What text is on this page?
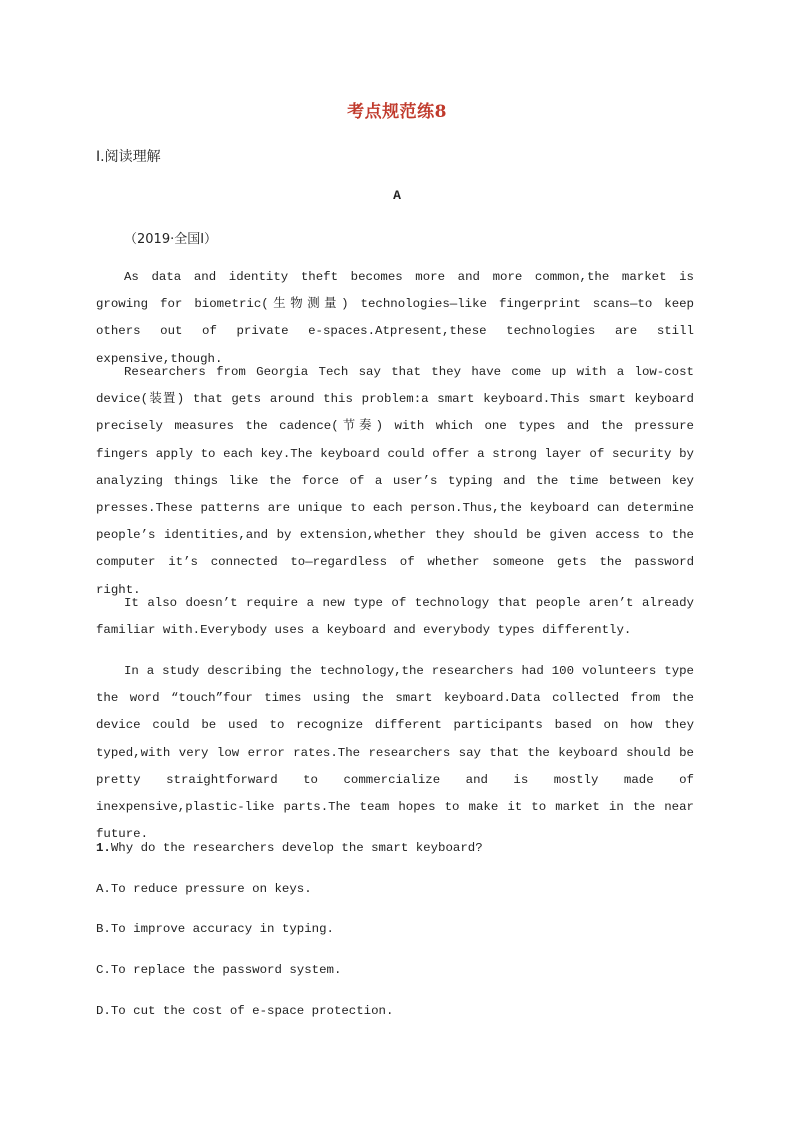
考点规范练8
Ⅰ.阅读理解
A
（2019·全国Ⅰ）
As data and identity theft becomes more and more common,the market is growing for biometric(生物测量) technologies—like fingerprint scans—to keep others out of private e-spaces.Atpresent,these technologies are still expensive,though.
Researchers from Georgia Tech say that they have come up with a low-cost device(装置) that gets around this problem:a smart keyboard.This smart keyboard precisely measures the cadence(节奏) with which one types and the pressure fingers apply to each key.The keyboard could offer a strong layer of security by analyzing things like the force of a user’s typing and the time between key presses.These patterns are unique to each person.Thus,the keyboard can determine people’s identities,and by extension,whether they should be given access to the computer it’s connected to—regardless of whether someone gets the password right.
It also doesn’t require a new type of technology that people aren’t already familiar with.Everybody uses a keyboard and everybody types differently.
In a study describing the technology,the researchers had 100 volunteers type the word “touch”four times using the smart keyboard.Data collected from the device could be used to recognize different participants based on how they typed,with very low error rates.The researchers say that the keyboard should be pretty straightforward to commercialize and is mostly made of inexpensive,plastic-like parts.The team hopes to make it to market in the near future.
1.Why do the researchers develop the smart keyboard?
A.To reduce pressure on keys.
B.To improve accuracy in typing.
C.To replace the password system.
D.To cut the cost of e-space protection.
